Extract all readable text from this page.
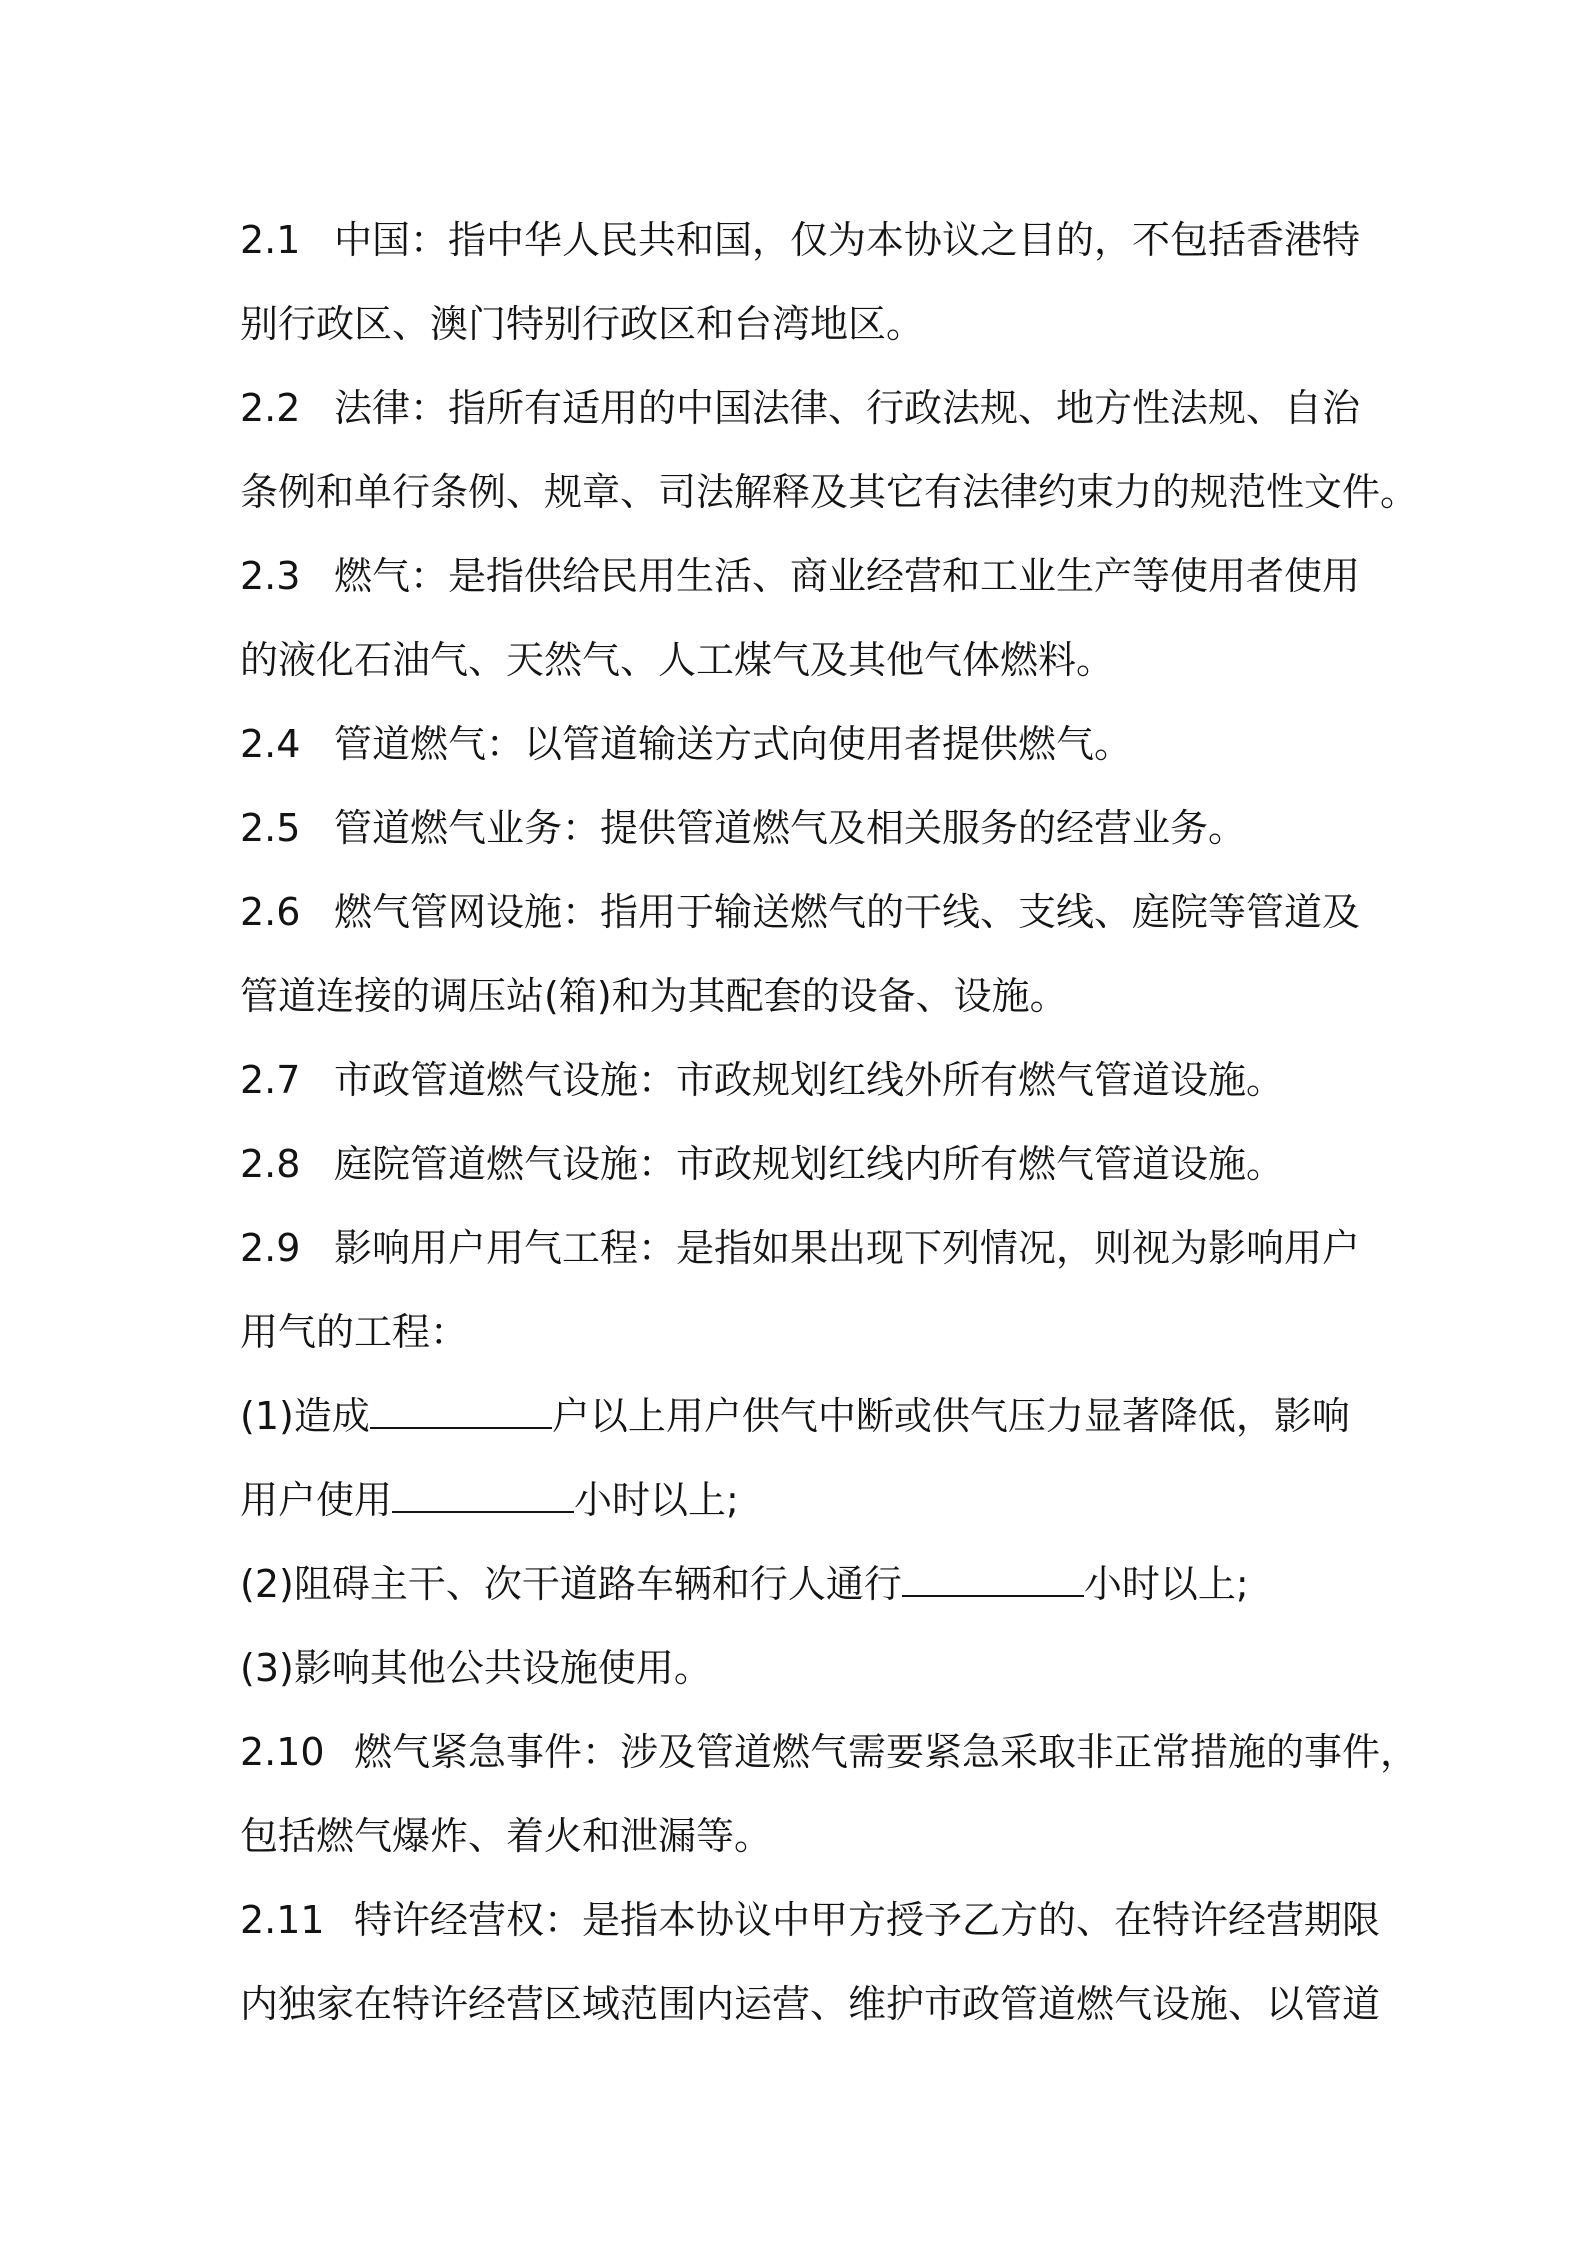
2.1 中国：指中华人民共和国，仅为本协议之目的，不包括香港特
别行政区、澳门特别行政区和台湾地区。
2.2 法律：指所有适用的中国法律、行政法规、地方性法规、自治
条例和单行条例、规章、司法解释及其它有法律约束力的规范性文件。
2.3 燃气：是指供给民用生活、商业经营和工业生产等使用者使用
的液化石油气、天然气、人工煤气及其他气体燃料。
2.4 管道燃气：以管道输送方式向使用者提供燃气。
2.5 管道燃气业务：提供管道燃气及相关服务的经营业务。
2.6 燃气管网设施：指用于输送燃气的干线、支线、庭院等管道及
管道连接的调压站(箱)和为其配套的设备、设施。
2.7 市政管道燃气设施：市政规划红线外所有燃气管道设施。
2.8 庭院管道燃气设施：市政规划红线内所有燃气管道设施。
2.9 影响用户用气工程：是指如果出现下列情况，则视为影响用户
用气的工程：
(1)造成	户以上用户供气中断或供气压力显著降低，影响
用户使用	小时以上;
(2)阻碍主干、次干道路车辆和行人通行	小时以上;
(3)影响其他公共设施使用。
2.10 燃气紧急事件：涉及管道燃气需要紧急采取非正常措施的事件，
包括燃气爆炸、着火和泄漏等。
2.11 特许经营权：是指本协议中甲方授予乙方的、在特许经营期限
内独家在特许经营区域范围内运营、维护市政管道燃气设施、以管道
